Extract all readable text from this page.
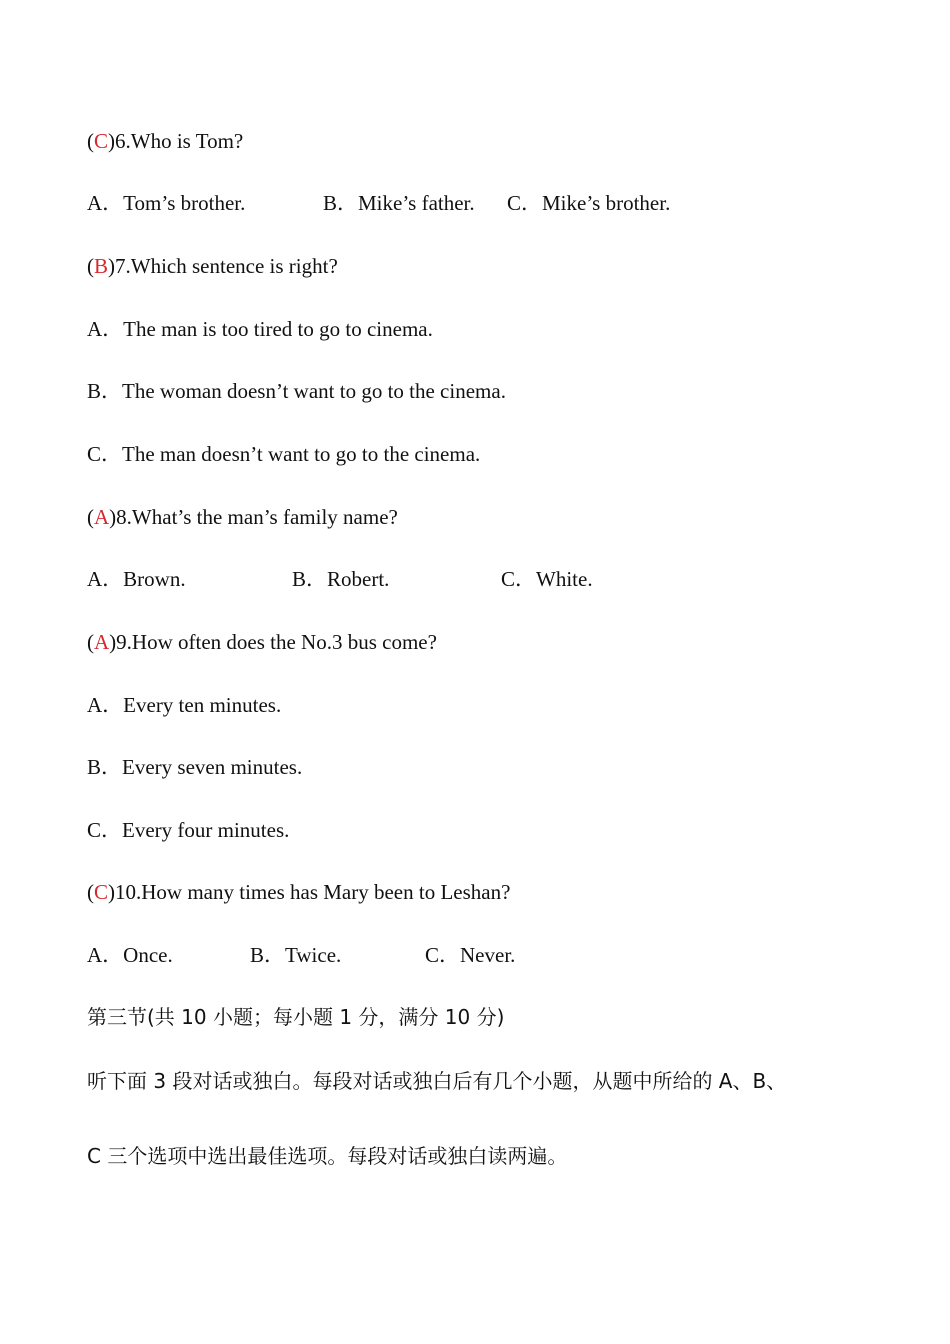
(C)6.Who is Tom?
A．Tom’s brother.	B．Mike’s father. C．Mike’s brother.
(B)7.Which sentence is right?
A．The man is too tired to go to cinema.
B．The woman doesn’t want to go to the cinema.
C．The man doesn’t want to go to the cinema.
(A)8.What’s the man’s family name?
A．Brown.	B．Robert.	C．White.
(A)9.How often does the No.3 bus come?
A．Every ten minutes.
B．Every seven minutes.
C．Every four minutes.
(C)10.How many times has Mary been to Leshan?
A．Once.	B．Twice.	C．Never.
第三节(共 10 小题；每小题 1 分，满分 10 分)
听下面 3 段对话或独白。每段对话或独白后有几个小题，从题中所给的 A、B、
C 三个选项中选出最佳选项。每段对话或独白读两遍。
